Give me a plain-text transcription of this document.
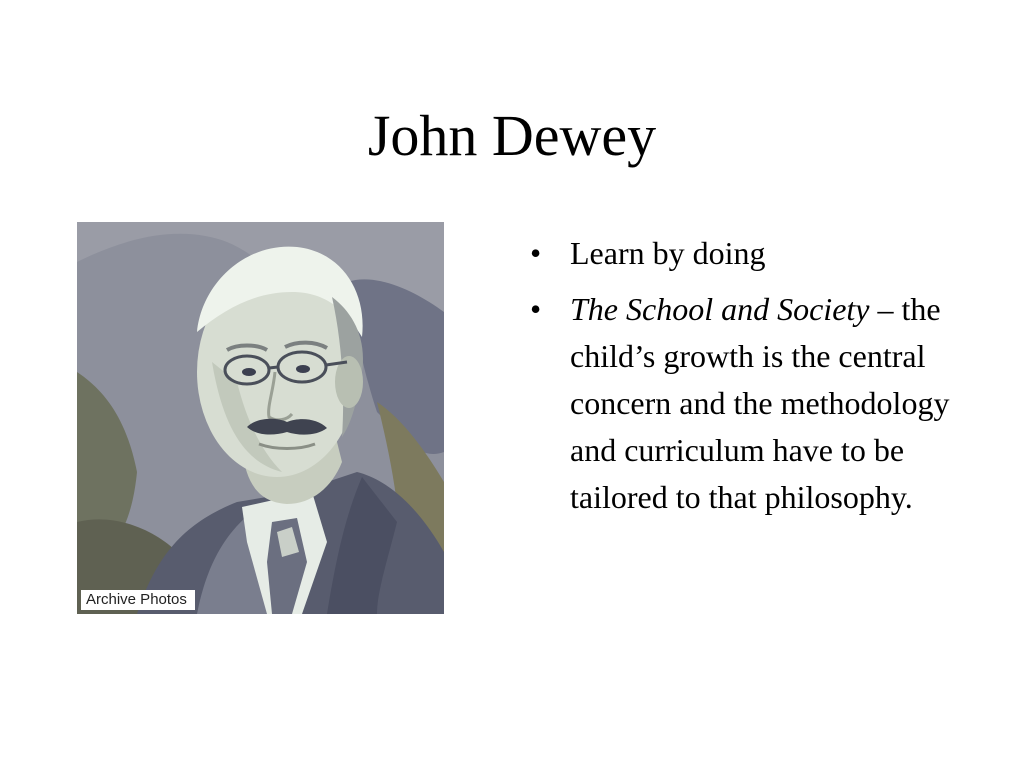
John Dewey
Archive Photos
• Learn by doing
• The School and Society – the child’s growth is the central concern and the methodology and curriculum have to be tailored to that philosophy.
